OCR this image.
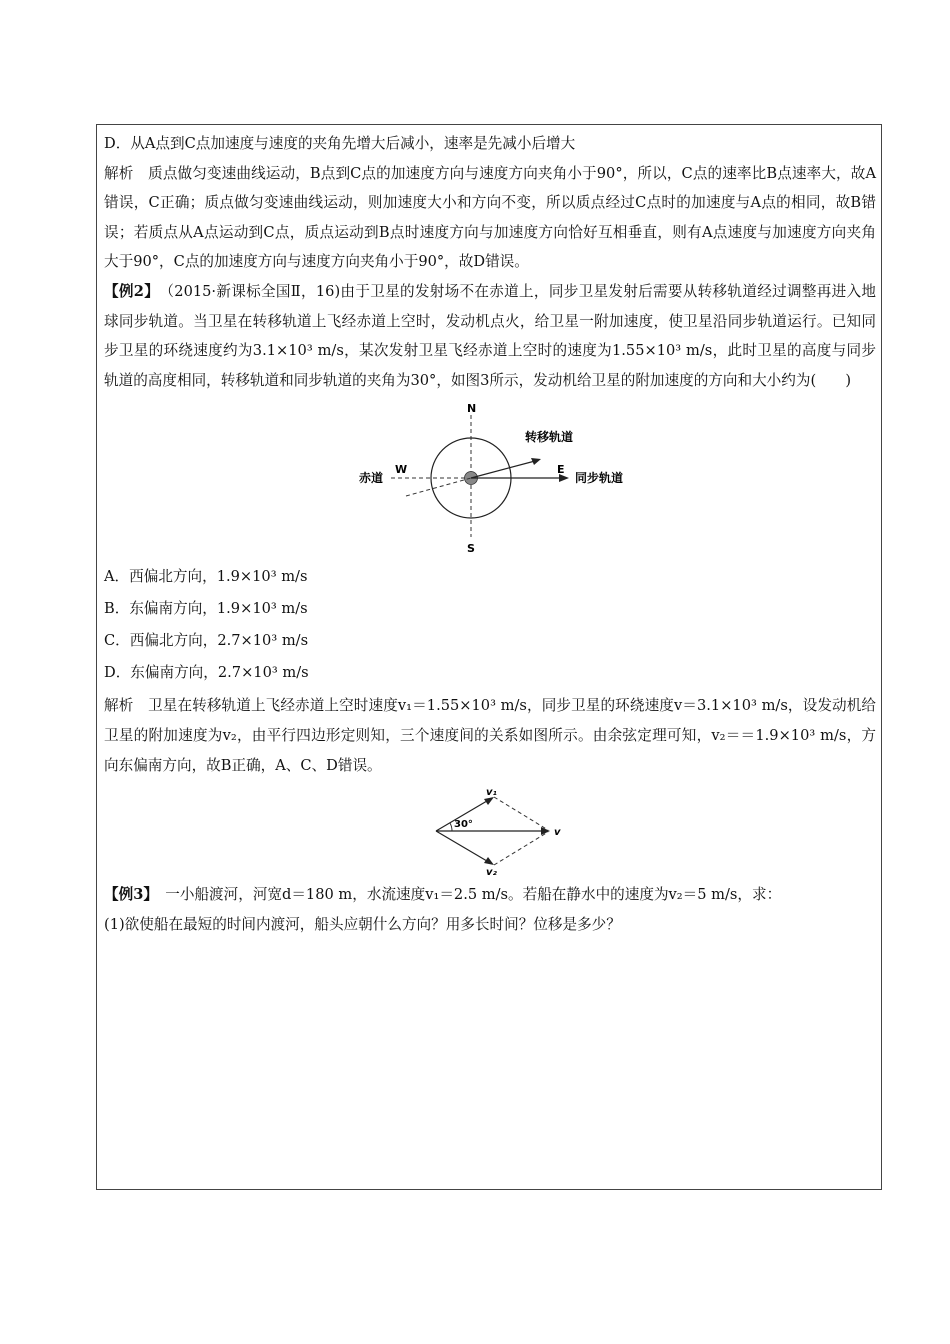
D．从A点到C点加速度与速度的夹角先增大后减小，速率是先减小后增大

解析　质点做匀变速曲线运动，B点到C点的加速度方向与速度方向夹角小于90°，所以，C点的速率比B点速率大，故A错误，C正确；质点做匀变速曲线运动，则加速度大小和方向不变，所以质点经过C点时的加速度与A点的相同，故B错误；若质点从A点运动到C点，质点运动到B点时速度方向与加速度方向恰好互相垂直，则有A点速度与加速度方向夹角大于90°，C点的加速度方向与速度方向夹角小于90°，故D错误。

【例2】　 （2015·新课标全国Ⅱ，16)由于卫星的发射场不在赤道上，同步卫星发射后需要从转移轨道经过调整再进入地球同步轨道。当卫星在转移轨道上飞经赤道上空时，发动机点火，给卫星一附加速度，使卫星沿同步轨道运行。已知同步卫星的环绕速度约为3.1×10³ m/s，某次发射卫星飞经赤道上空时的速度为1.55×10³ m/s，此时卫星的高度与同步轨道的高度相同，转移轨道和同步轨道的夹角为30°，如图3所示，发动机给卫星的附加速度的方向和大小约为(　　)

N
S
W	E
赤道
转移轨道
同步轨道

A．西偏北方向，1.9×10³ m/s

B．东偏南方向，1.9×10³ m/s

C．西偏北方向，2.7×10³ m/s

D．东偏南方向，2.7×10³ m/s

解析　卫星在转移轨道上飞经赤道上空时速度v₁＝1.55×10³ m/s，同步卫星的环绕速度v＝3.1×10³ m/s，设发动机给卫星的附加速度为v₂，由平行四边形定则知，三个速度间的关系如图所示。由余弦定理可知，v₂＝＝1.9×10³ m/s，方向东偏南方向，故B正确，A、C、D错误。

30°
v₁
v₂
v

【例3】　 一小船渡河，河宽d＝180 m，水流速度v₁＝2.5 m/s。若船在静水中的速度为v₂＝5 m/s，求：

(1)欲使船在最短的时间内渡河，船头应朝什么方向？用多长时间？位移是多少？
